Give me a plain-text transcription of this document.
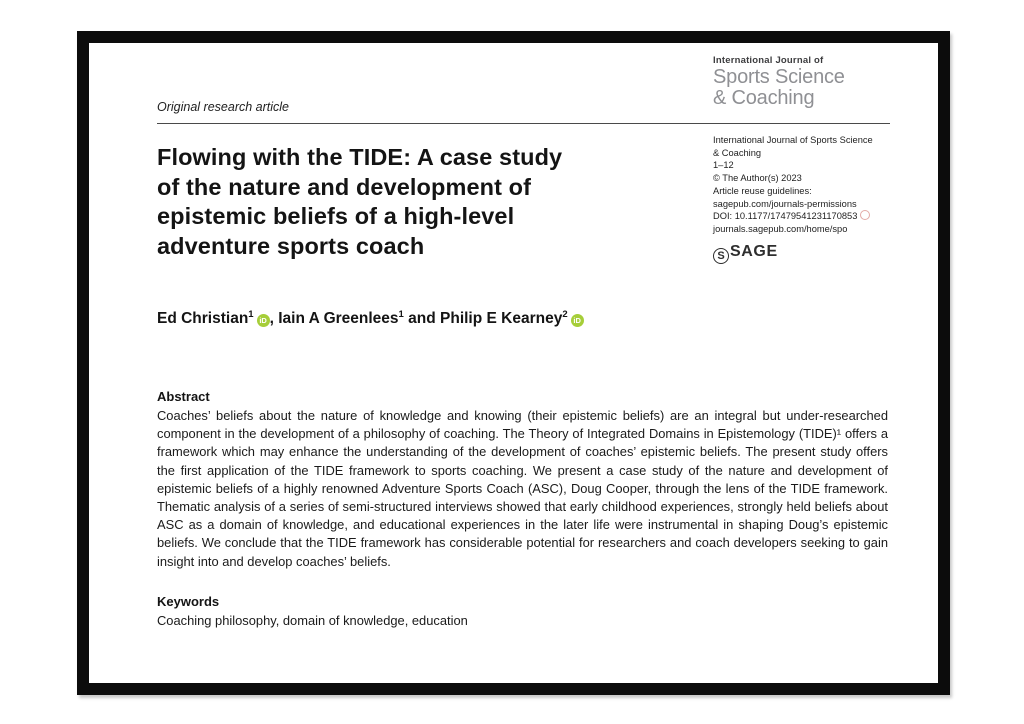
Original research article
International Journal of
Sports Science
& Coaching
Flowing with the TIDE: A case study
of the nature and development of
epistemic beliefs of a high-level
adventure sports coach
International Journal of Sports Science
& Coaching
1–12
© The Author(s) 2023
Article reuse guidelines:
sagepub.com/journals-permissions
DOI: 10.1177/17479541231170853
journals.sagepub.com/home/spo
S SAGE
Ed Christian$^1$iD , Iain A Greenlees$^1$ and Philip E Kearney$^2$iD
Abstract

Coaches’ beliefs about the nature of knowledge and knowing (their epistemic beliefs) are an integral but under-researched component in the development of a philosophy of coaching. The Theory of Integrated Domains in Epistemology (TIDE)¹ offers a framework which may enhance the understanding of the development of coaches’ epistemic beliefs. The present study offers the first application of the TIDE framework to sports coaching. We present a case study of the nature and development of epistemic beliefs of a highly renowned Adventure Sports Coach (ASC), Doug Cooper, through the lens of the TIDE framework. Thematic analysis of a series of semi-structured interviews showed that early childhood experiences, strongly held beliefs about ASC as a domain of knowledge, and educational experiences in the later life were instrumental in shaping Doug’s epistemic beliefs. We conclude that the TIDE framework has considerable potential for researchers and coach developers seeking to gain insight into and develop coaches’ beliefs.

Keywords

Coaching philosophy, domain of knowledge, education
